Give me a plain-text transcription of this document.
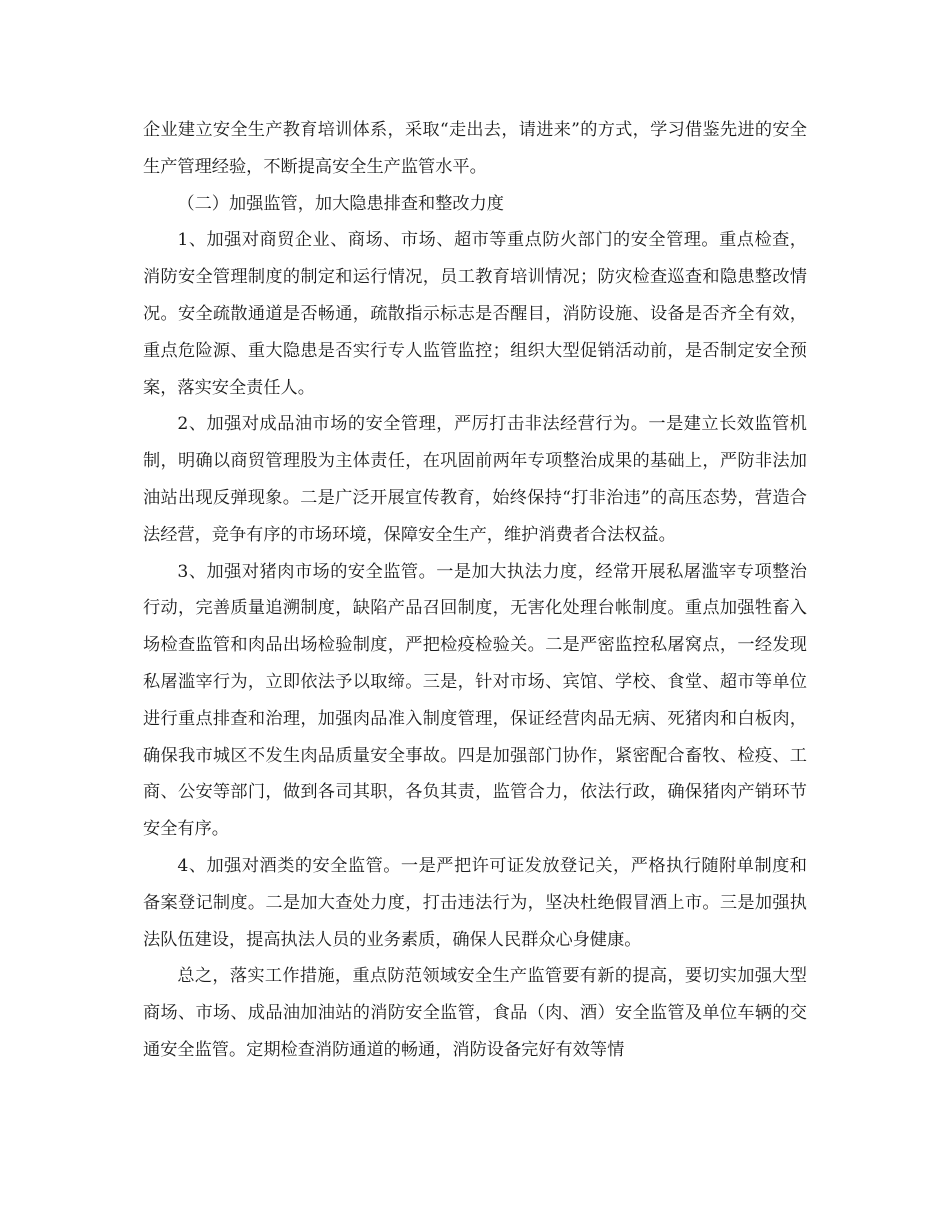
企业建立安全生产教育培训体系，采取“走出去，请进来”的方式，学习借鉴先进的安全生产管理经验，不断提高安全生产监管水平。

（二）加强监管，加大隐患排查和整改力度

1、加强对商贸企业、商场、市场、超市等重点防火部门的安全管理。重点检查，消防安全管理制度的制定和运行情况，员工教育培训情况；防灾检查巡查和隐患整改情况。安全疏散通道是否畅通，疏散指示标志是否醒目，消防设施、设备是否齐全有效，重点危险源、重大隐患是否实行专人监管监控；组织大型促销活动前，是否制定安全预案，落实安全责任人。

2、加强对成品油市场的安全管理，严厉打击非法经营行为。一是建立长效监管机制，明确以商贸管理股为主体责任，在巩固前两年专项整治成果的基础上，严防非法加油站出现反弹现象。二是广泛开展宣传教育，始终保持“打非治违”的高压态势，营造合法经营，竞争有序的市场环境，保障安全生产，维护消费者合法权益。

3、加强对猪肉市场的安全监管。一是加大执法力度，经常开展私屠滥宰专项整治行动，完善质量追溯制度，缺陷产品召回制度，无害化处理台帐制度。重点加强牲畜入场检查监管和肉品出场检验制度，严把检疫检验关。二是严密监控私屠窝点，一经发现私屠滥宰行为，立即依法予以取缔。三是，针对市场、宾馆、学校、食堂、超市等单位进行重点排查和治理，加强肉品准入制度管理，保证经营肉品无病、死猪肉和白板肉，确保我市城区不发生肉品质量安全事故。四是加强部门协作，紧密配合畜牧、检疫、工商、公安等部门，做到各司其职，各负其责，监管合力，依法行政，确保猪肉产销环节安全有序。

4、加强对酒类的安全监管。一是严把许可证发放登记关，严格执行随附单制度和备案登记制度。二是加大查处力度，打击违法行为，坚决杜绝假冒酒上市。三是加强执法队伍建设，提高执法人员的业务素质，确保人民群众心身健康。

总之，落实工作措施，重点防范领域安全生产监管要有新的提高，要切实加强大型商场、市场、成品油加油站的消防安全监管，食品（肉、酒）安全监管及单位车辆的交通安全监管。定期检查消防通道的畅通，消防设备完好有效等情
